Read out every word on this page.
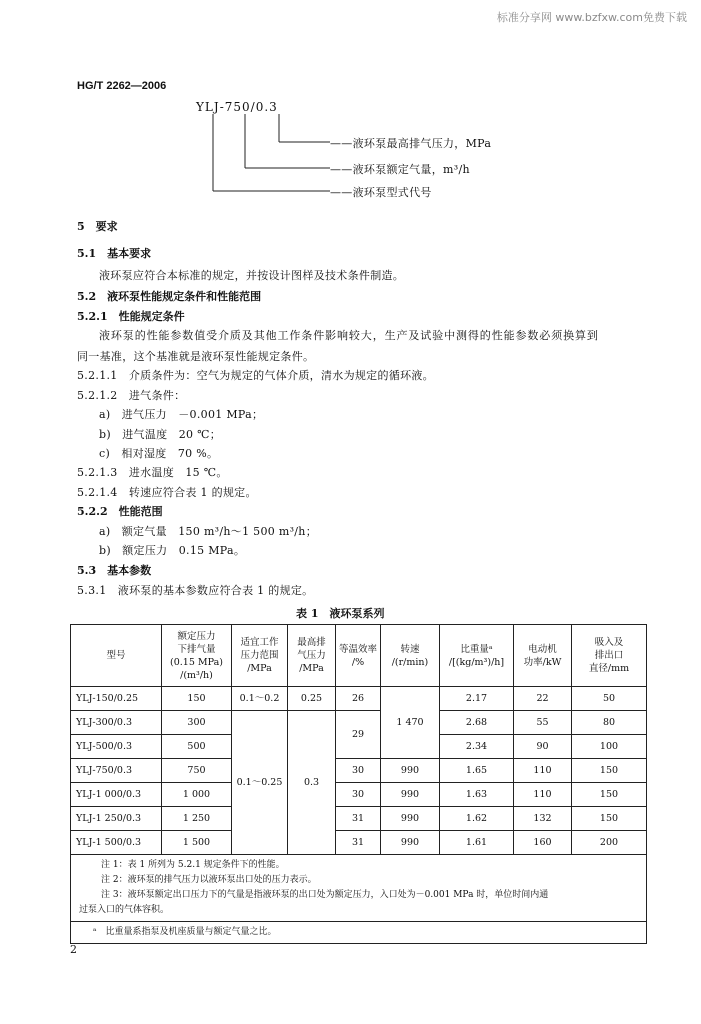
标准分享网 www.bzfxw.com免费下载
HG/T 2262—2006
YLJ-750/0.3
——液环泵最高排气压力，MPa
——液环泵额定气量，m³/h
——液环泵型式代号
5　要求
5.1　基本要求
液环泵应符合本标准的规定，并按设计图样及技术条件制造。
5.2　液环泵性能规定条件和性能范围
5.2.1　性能规定条件
液环泵的性能参数值受介质及其他工作条件影响较大，生产及试验中测得的性能参数必须换算到
同一基准，这个基准就是液环泵性能规定条件。
5.2.1.1　介质条件为：空气为规定的气体介质，清水为规定的循环液。
5.2.1.2　进气条件：
a)　进气压力　－0.001 MPa；
b)　进气温度　20 ℃；
c)　相对湿度　70 %。
5.2.1.3　进水温度　15 ℃。
5.2.1.4　转速应符合表 1 的规定。
5.2.2　性能范围
a)　额定气量　150 m³/h～1 500 m³/h；
b)　额定压力　0.15 MPa。
5.3　基本参数
5.3.1　液环泵的基本参数应符合表 1 的规定。
表 1　液环泵系列
型号	额定压力
下排气量
(0.15 MPa)
/(m³/h)	适宜工作
压力范围
/MPa	最高排
气压力
/MPa	等温效率
/%	转速
/(r/min)	比重量ᵃ
/[(kg/m³)/h]	电动机
功率/kW	吸入及
排出口
直径/mm
YLJ-150/0.25	150	0.1～0.2	0.25	26	1 470	2.17	22	50
YLJ-300/0.3	300	0.1～0.25	0.3	29		2.68	55	80
YLJ-500/0.3	500					2.34	90	100
YLJ-750/0.3	750			30	990	1.65	110	150
YLJ-1 000/0.3	1 000			30	990	1.63	110	150
YLJ-1 250/0.3	1 250			31	990	1.62	132	150
YLJ-1 500/0.3	1 500			31	990	1.61	160	200

注 1：表 1 所列为 5.2.1 规定条件下的性能。
注 2：液环泵的排气压力以液环泵出口处的压力表示。
注 3：液环泵额定出口压力下的气量是指液环泵的出口处为额定压力，入口处为－0.001 MPa 时，单位时间内通
过泵入口的气体容积。								

ᵃ　比重量系指泵及机座质量与额定气量之比。								
2
